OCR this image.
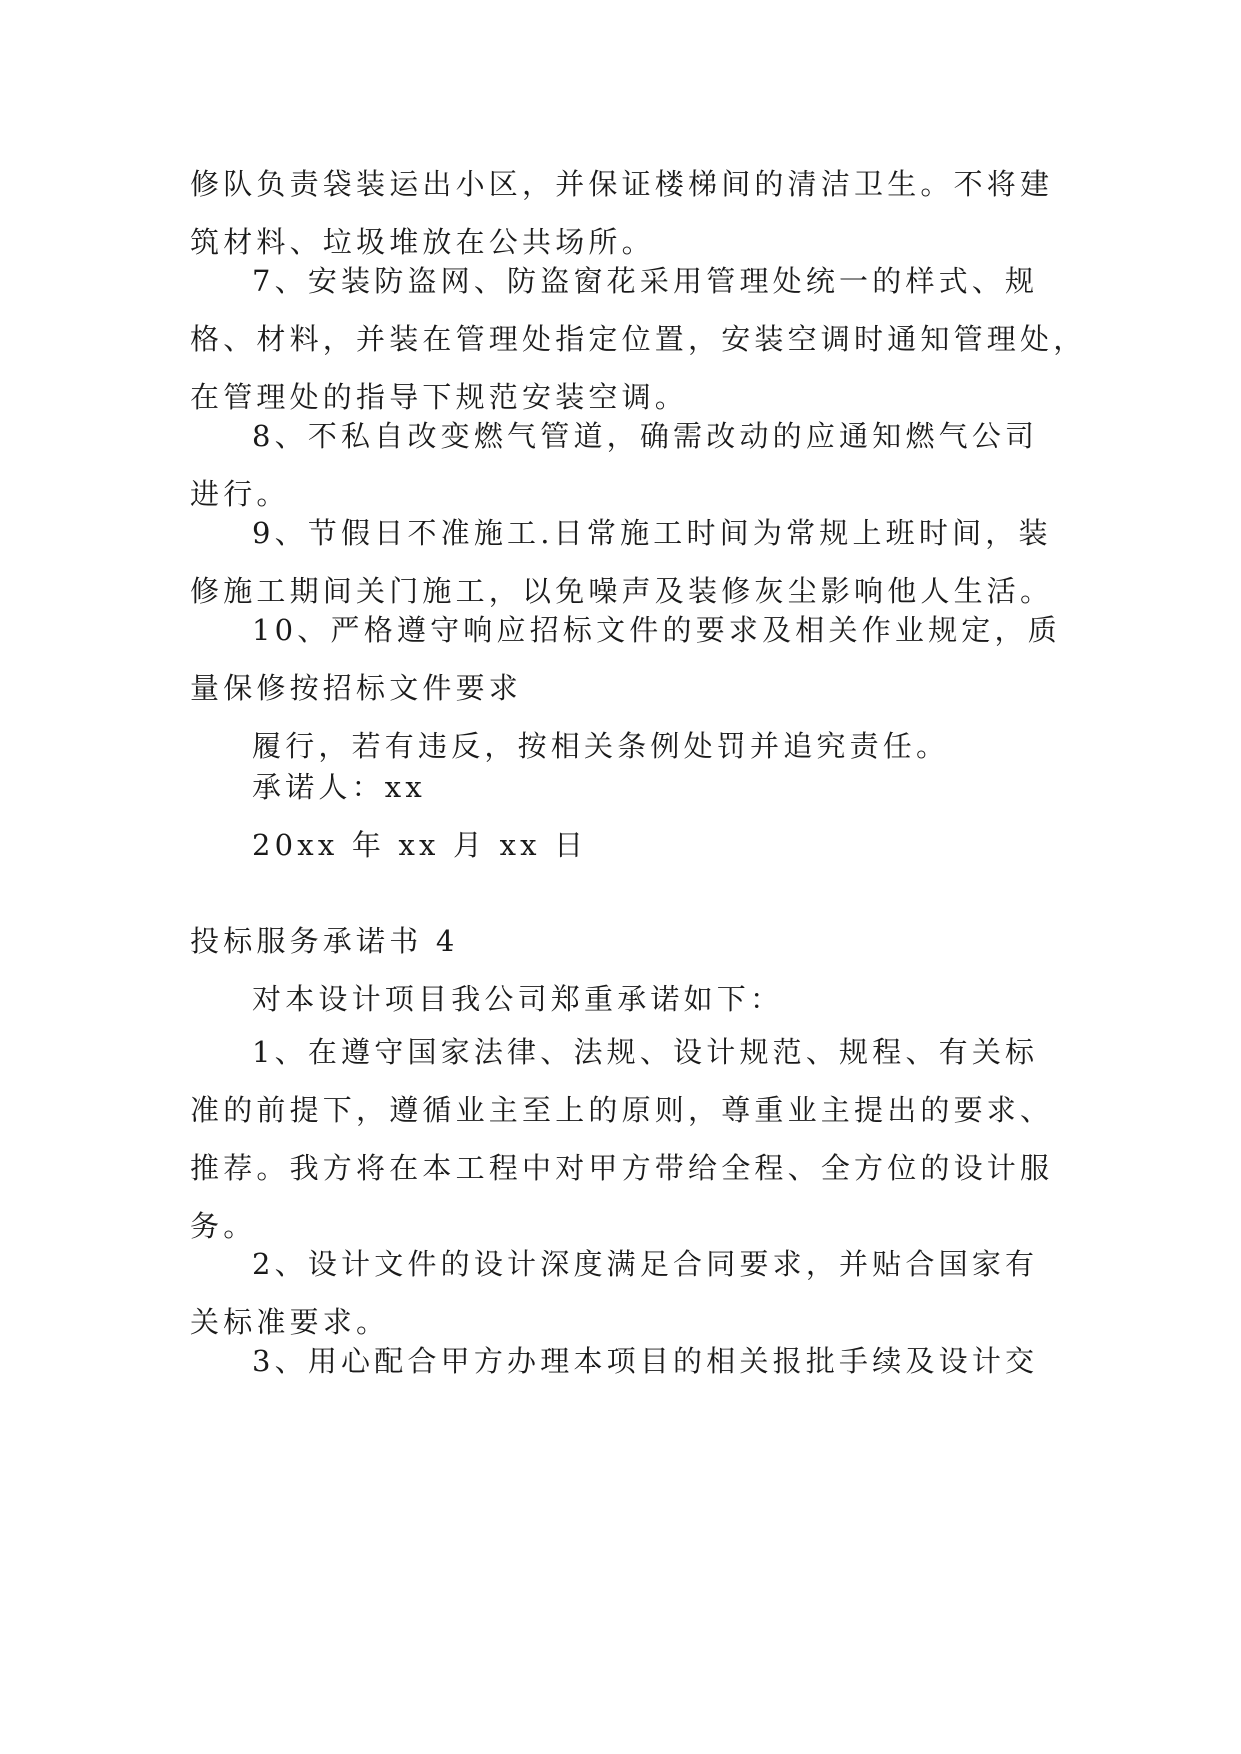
修队负责袋装运出小区，并保证楼梯间的清洁卫生。不将建
筑材料、垃圾堆放在公共场所。
7、安装防盗网、防盗窗花采用管理处统一的样式、规
格、材料，并装在管理处指定位置，安装空调时通知管理处，
在管理处的指导下规范安装空调。
8、不私自改变燃气管道，确需改动的应通知燃气公司
进行。
9、节假日不准施工.日常施工时间为常规上班时间，装
修施工期间关门施工，以免噪声及装修灰尘影响他人生活。
10、严格遵守响应招标文件的要求及相关作业规定，质
量保修按招标文件要求
履行，若有违反，按相关条例处罚并追究责任。
承诺人：xx
20xx 年 xx 月 xx 日
投标服务承诺书 4
对本设计项目我公司郑重承诺如下：
1、在遵守国家法律、法规、设计规范、规程、有关标
准的前提下，遵循业主至上的原则，尊重业主提出的要求、
推荐。我方将在本工程中对甲方带给全程、全方位的设计服
务。
2、设计文件的设计深度满足合同要求，并贴合国家有
关标准要求。
3、用心配合甲方办理本项目的相关报批手续及设计交
